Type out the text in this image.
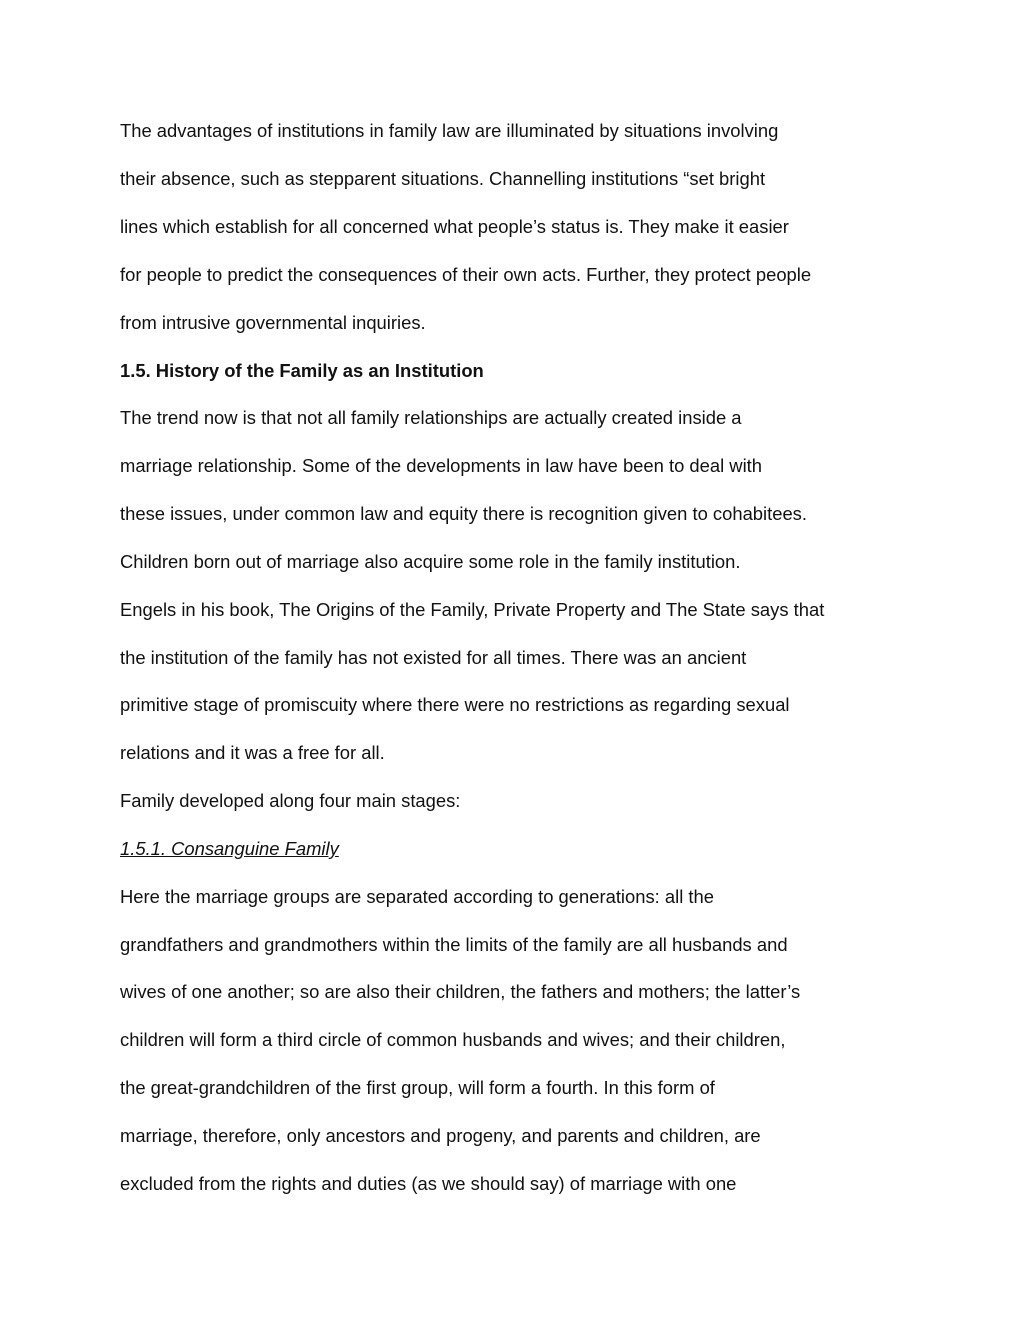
The advantages of institutions in family law are illuminated by situations involving
their absence, such as stepparent situations. Channelling institutions “set bright
lines which establish for all concerned what people’s status is. They make it easier
for people to predict the consequences of their own acts. Further, they protect people
from intrusive governmental inquiries.
1.5. History of the Family as an Institution
The trend now is that not all family relationships are actually created inside a
marriage relationship. Some of the developments in law have been to deal with
these issues, under common law and equity there is recognition given to cohabitees.
Children born out of marriage also acquire some role in the family institution.
Engels in his book, The Origins of the Family, Private Property and The State says that
the institution of the family has not existed for all times. There was an ancient
primitive stage of promiscuity where there were no restrictions as regarding sexual
relations and it was a free for all.
Family developed along four main stages:
1.5.1. Consanguine Family
Here the marriage groups are separated according to generations: all the
grandfathers and grandmothers within the limits of the family are all husbands and
wives of one another; so are also their children, the fathers and mothers; the latter’s
children will form a third circle of common husbands and wives; and their children,
the great-grandchildren of the first group, will form a fourth. In this form of
marriage, therefore, only ancestors and progeny, and parents and children, are
excluded from the rights and duties (as we should say) of marriage with one
